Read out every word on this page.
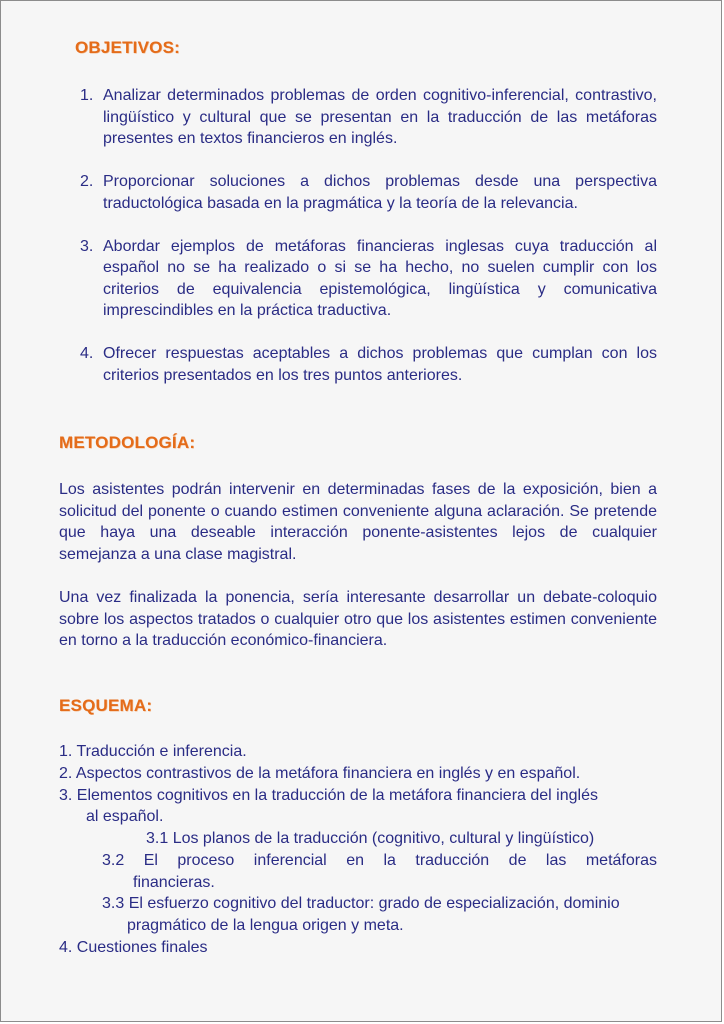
OBJETIVOS:
1. Analizar determinados problemas de orden cognitivo-inferencial, contrastivo, lingüístico y cultural que se presentan en la traducción de las metáforas presentes en textos financieros en inglés.
2. Proporcionar soluciones a dichos problemas desde una perspectiva traductológica basada en la pragmática y la teoría de la relevancia.
3. Abordar ejemplos de metáforas financieras inglesas cuya traducción al español no se ha realizado o si se ha hecho, no suelen cumplir con los criterios de equivalencia epistemológica, lingüística y comunicativa imprescindibles en la práctica traductiva.
4. Ofrecer respuestas aceptables a dichos problemas que cumplan con los criterios presentados en los tres puntos anteriores.
METODOLOGÍA:

Los asistentes podrán intervenir en determinadas fases de la exposición, bien a solicitud del ponente o cuando estimen conveniente alguna aclaración. Se pretende que haya una deseable interacción ponente-asistentes lejos de cualquier semejanza a una clase magistral.

Una vez finalizada la ponencia, sería interesante desarrollar un debate-coloquio sobre los aspectos tratados o cualquier otro que los asistentes estimen conveniente en torno a la traducción económico-financiera.

ESQUEMA:

1. Traducción e inferencia.

2. Aspectos contrastivos de la metáfora financiera en inglés y en español.

3. Elementos cognitivos en la traducción de la metáfora financiera del inglés

al español.

3.1 Los planos de la traducción (cognitivo, cultural y lingüístico)

3.2 El proceso inferencial en la traducción de las metáforas

financieras.

3.3 El esfuerzo cognitivo del traductor: grado de especialización, dominio

pragmático de la lengua origen y meta.

4. Cuestiones finales
